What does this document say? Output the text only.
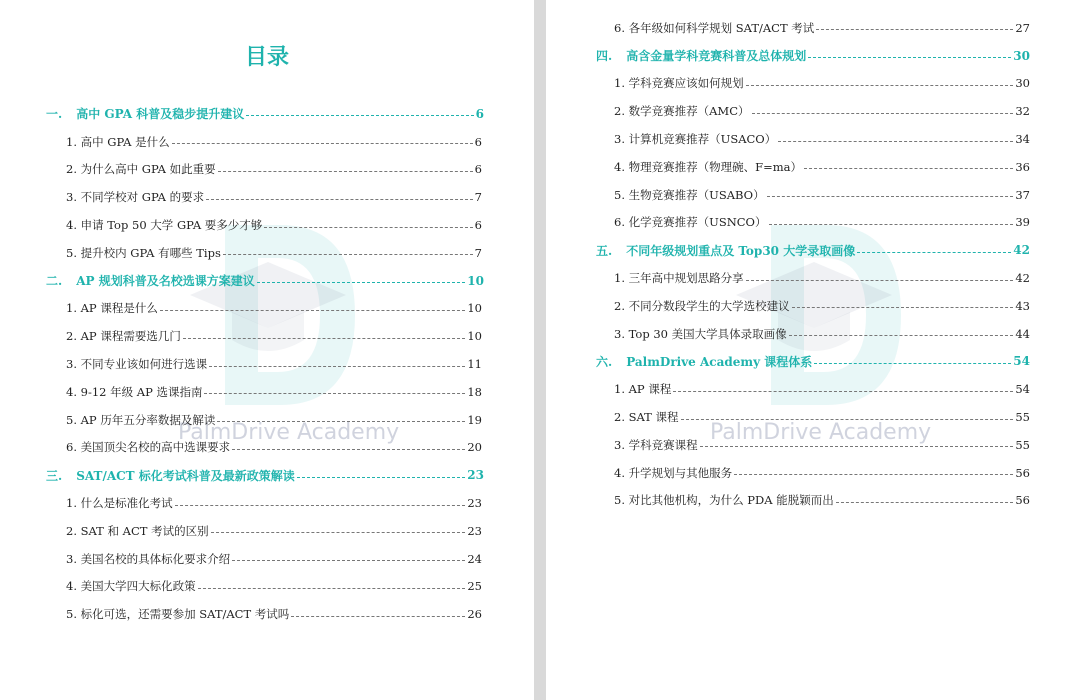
PalmDrive Academy
目录
一. 高中 GPA 科普及稳步提升建议	6
1. 高中 GPA 是什么	6
2. 为什么高中 GPA 如此重要	6
3. 不同学校对 GPA 的要求	7
4. 申请 Top 50 大学 GPA 要多少才够	6
5. 提升校内 GPA 有哪些 Tips	7
二. AP 规划科普及名校选课方案建议	10
1. AP 课程是什么	10
2. AP 课程需要选几门	10
3. 不同专业该如何进行选课	11
4. 9-12 年级 AP 选课指南	18
5. AP 历年五分率数据及解读	19
6. 美国顶尖名校的高中选课要求	20
三. SAT/ACT 标化考试科普及最新政策解读	23
1. 什么是标准化考试	23
2. SAT 和 ACT 考试的区别	23
3. 美国名校的具体标化要求介绍	24
4. 美国大学四大标化政策	25
5. 标化可选，还需要参加 SAT/ACT 考试吗	26
PalmDrive Academy
6. 各年级如何科学规划 SAT/ACT 考试	27
四. 高含金量学科竞赛科普及总体规划	30
1. 学科竞赛应该如何规划	30
2. 数学竞赛推荐（AMC）	32
3. 计算机竞赛推荐（USACO）	34
4. 物理竞赛推荐（物理碗、F=ma）	36
5. 生物竞赛推荐（USABO）	37
6. 化学竞赛推荐（USNCO）	39
五. 不同年级规划重点及 Top30 大学录取画像	42
1. 三年高中规划思路分享	42
2. 不同分数段学生的大学选校建议	43
3. Top 30 美国大学具体录取画像	44
六. PalmDrive Academy 课程体系	54
1. AP 课程	54
2. SAT 课程	55
3. 学科竞赛课程	55
4. 升学规划与其他服务	56
5. 对比其他机构，为什么 PDA 能脱颖而出	56
